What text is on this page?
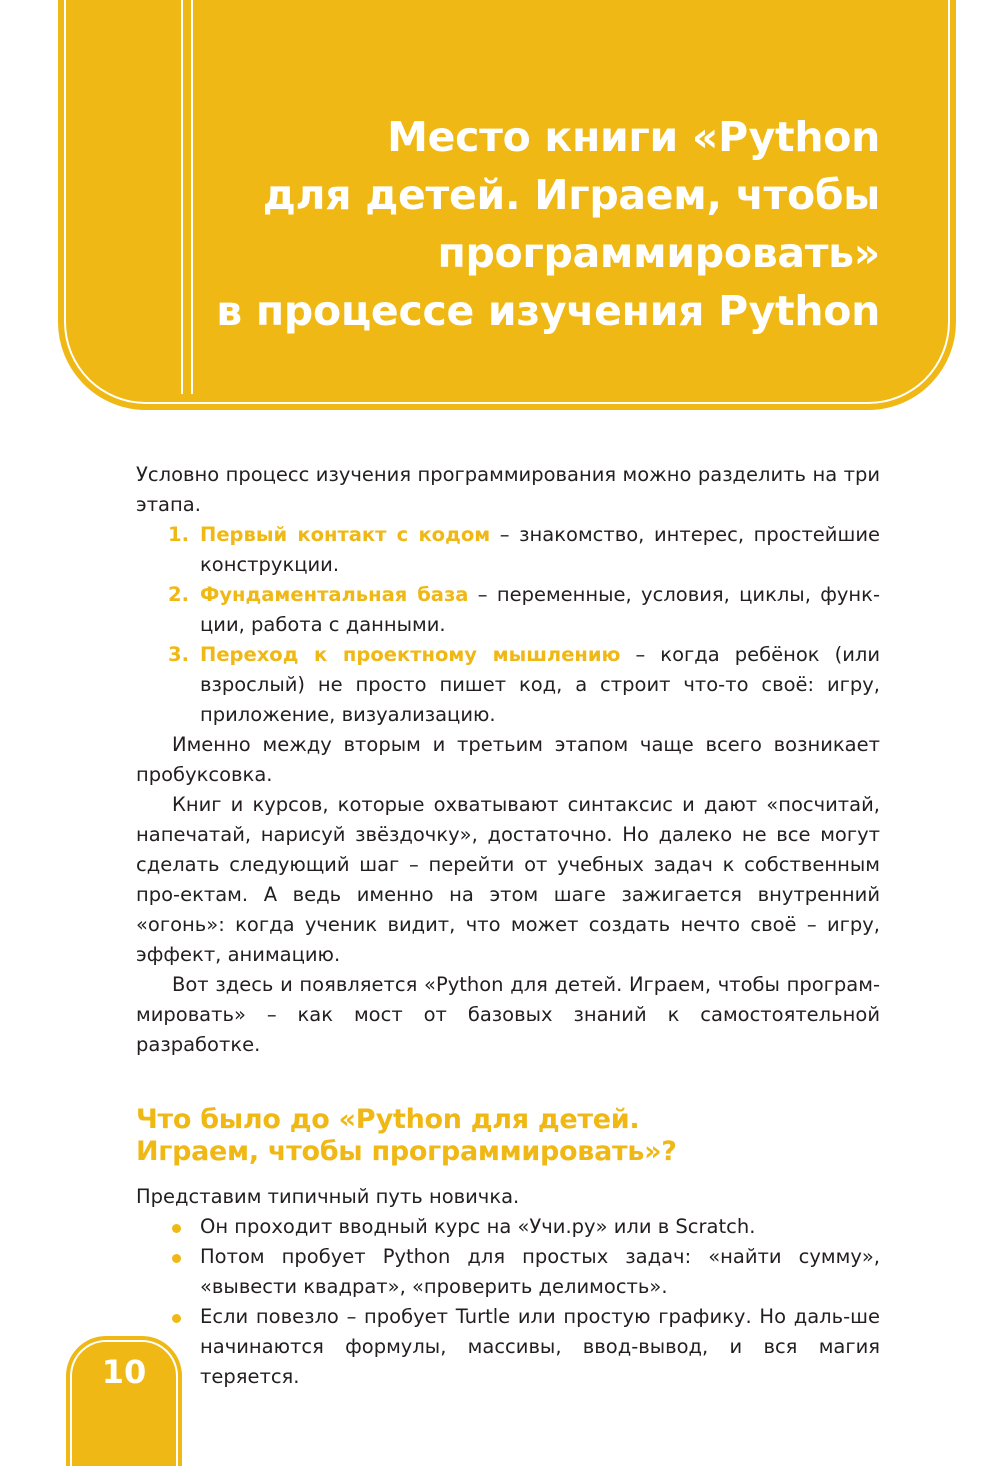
Место книги «Python
для детей. Играем, чтобы
программировать»
в процессе изучения Python

Условно процесс изучения программирования можно разделить на три этапа.

1. Первый контакт с кодом – знакомство, интерес, простейшие конструкции.
2. Фундаментальная база – переменные, условия, циклы, функ-ции, работа с данными.
3. Переход к проектному мышлению – когда ребёнок (или взрослый) не просто пишет код, а строит что-то своё: игру, приложение, визуализацию.

Именно между вторым и третьим этапом чаще всего возникает пробуксовка.

Книг и курсов, которые охватывают синтаксис и дают «посчитай, напечатай, нарисуй звёздочку», достаточно. Но далеко не все могут сделать следующий шаг – перейти от учебных задач к собственным про-ектам. А ведь именно на этом шаге зажигается внутренний «огонь»: когда ученик видит, что может создать нечто своё – игру, эффект, анимацию.

Вот здесь и появляется «Python для детей. Играем, чтобы програм-мировать» – как мост от базовых знаний к самостоятельной разработке.

Что было до «Python для детей.
Играем, чтобы программировать»?

Представим типичный путь новичка.

Он проходит вводный курс на «Учи.ру» или в Scratch.
Потом пробует Python для простых задач: «найти сумму», «вывести квадрат», «проверить делимость».
Если повезло – пробует Turtle или простую графику. Но даль-ше начинаются формулы, массивы, ввод-вывод, и вся магия теряется.
10
